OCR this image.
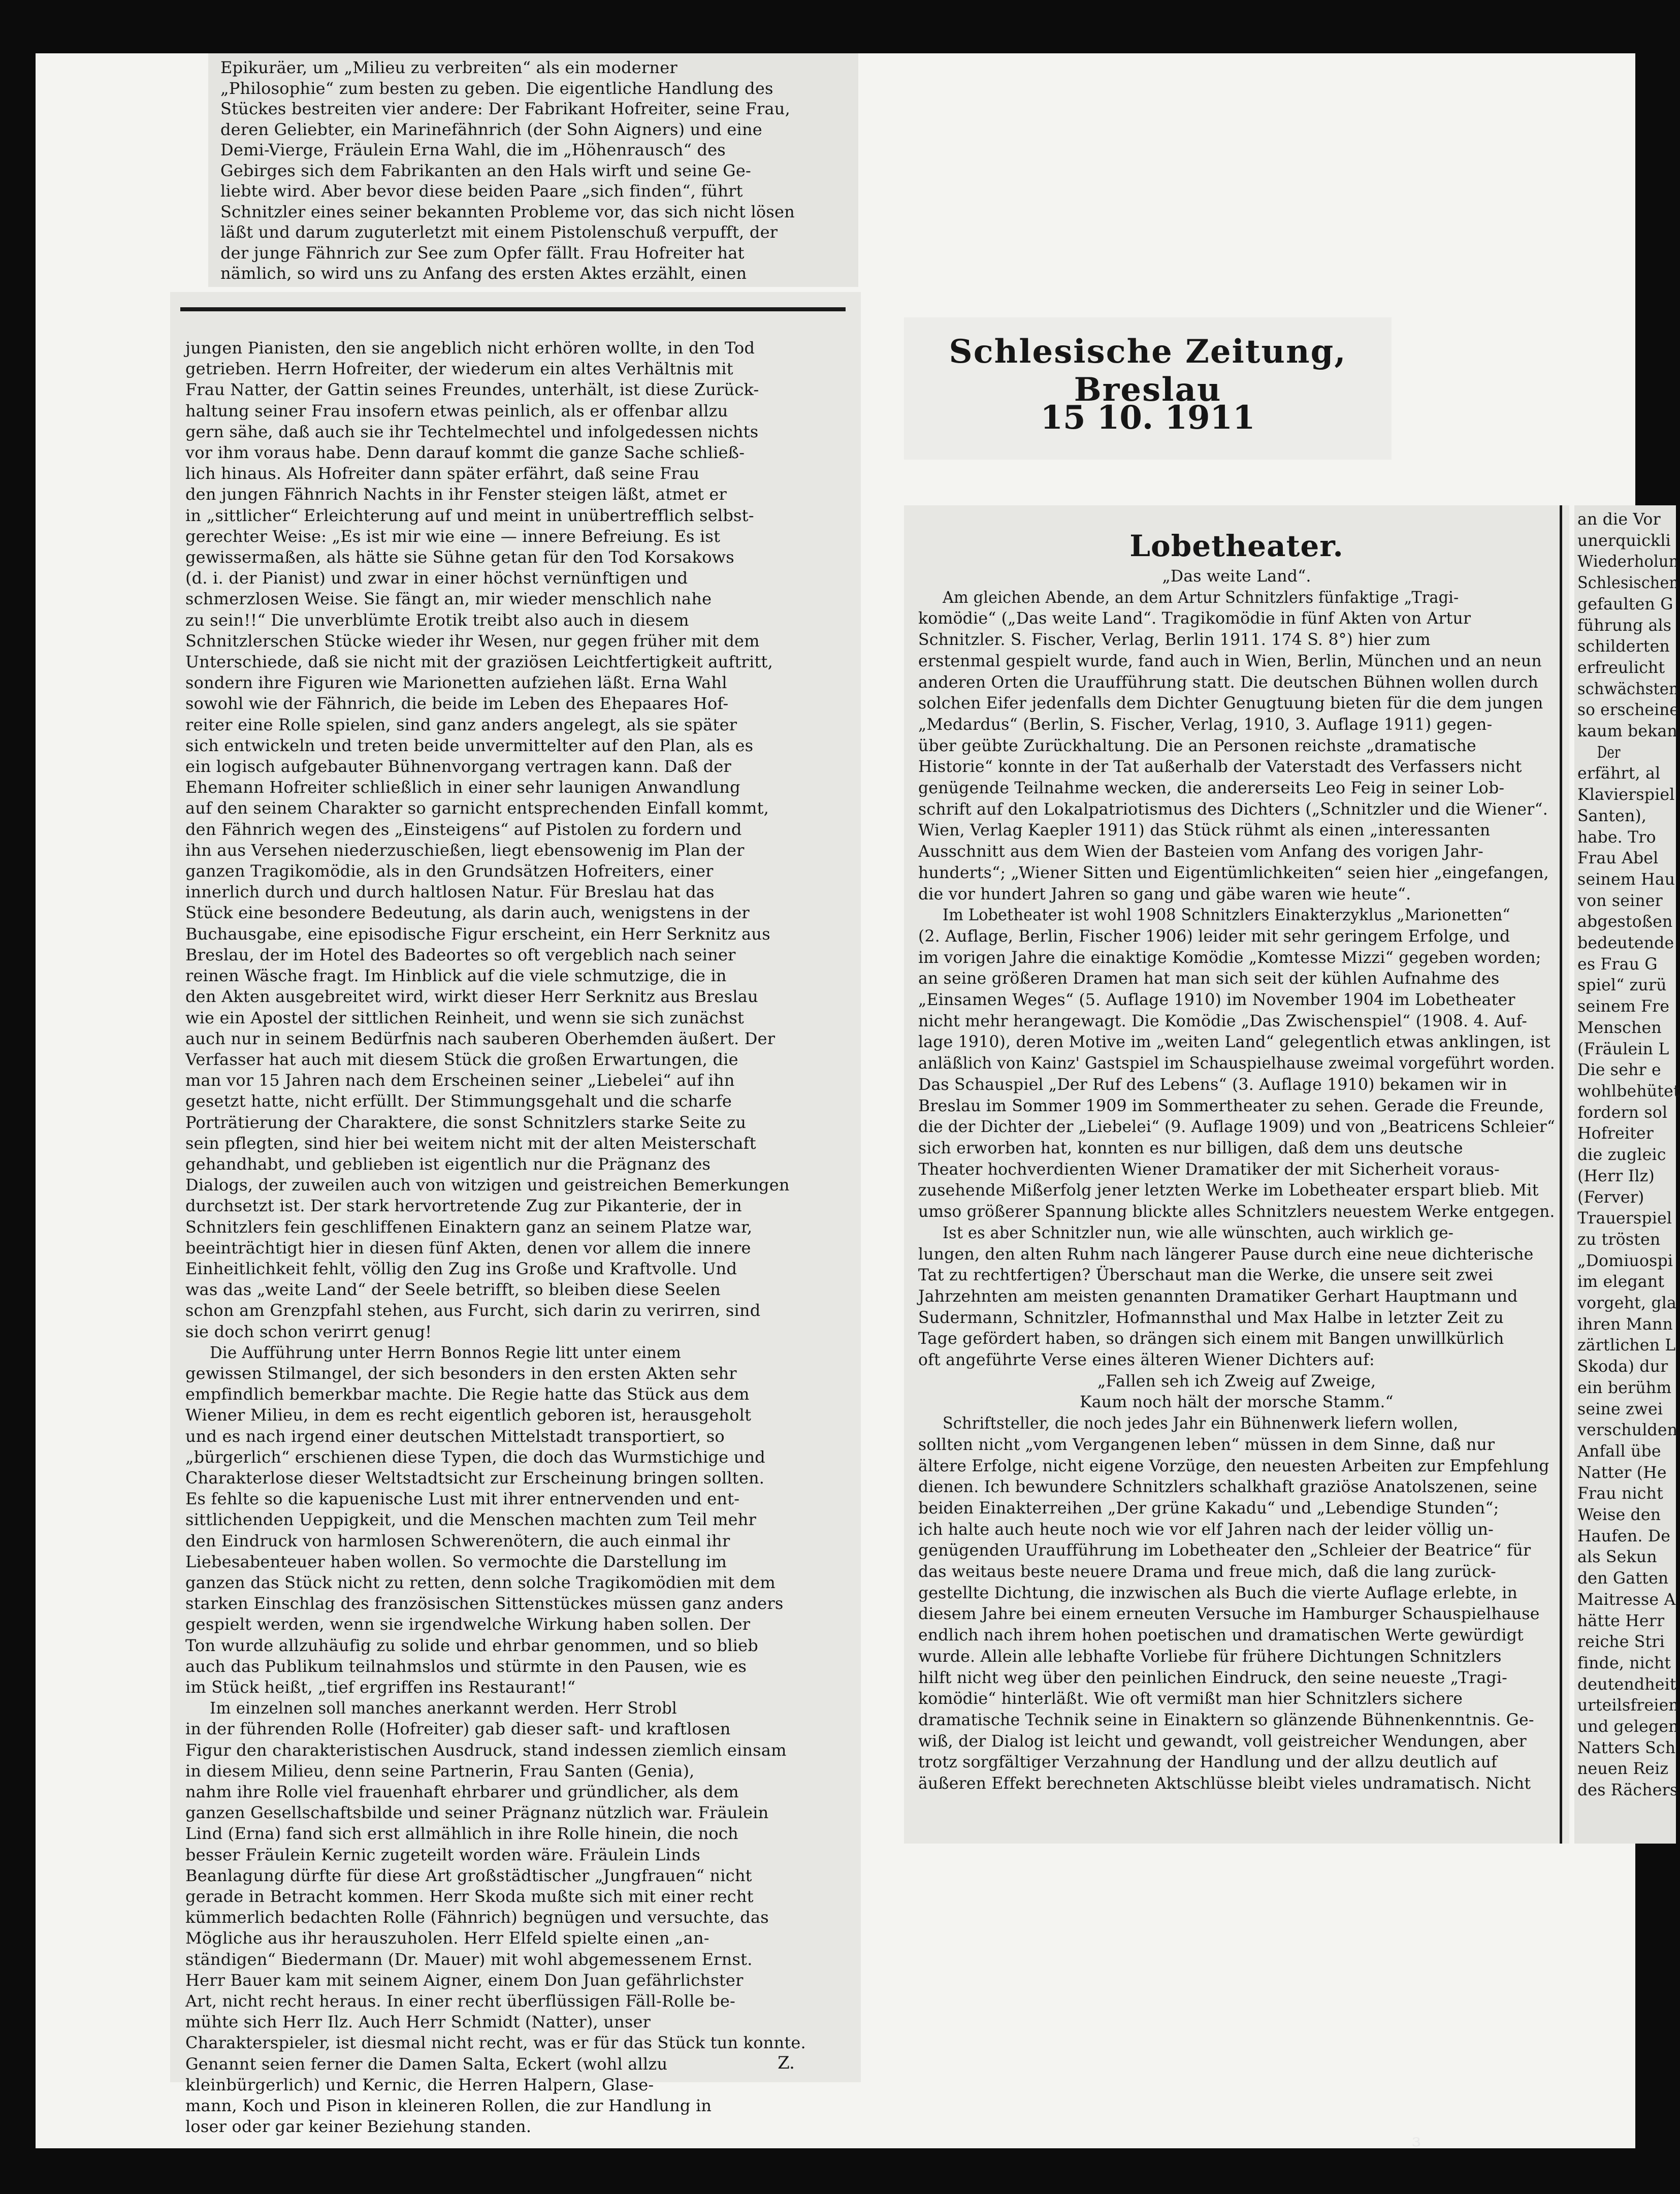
Epikuräer, um „Milieu zu verbreiten“ als ein moderner

„Philosophie“ zum besten zu geben. Die eigentliche Handlung des

Stückes bestreiten vier andere: Der Fabrikant Hofreiter, seine Frau,

deren Geliebter, ein Marinefähnrich (der Sohn Aigners) und eine

Demi-Vierge, Fräulein Erna Wahl, die im „Höhenrausch“ des

Gebirges sich dem Fabrikanten an den Hals wirft und seine Ge-

liebte wird. Aber bevor diese beiden Paare „sich finden“, führt

Schnitzler eines seiner bekannten Probleme vor, das sich nicht lösen

läßt und darum zuguterletzt mit einem Pistolenschuß verpufft, der

der junge Fähnrich zur See zum Opfer fällt. Frau Hofreiter hat

nämlich, so wird uns zu Anfang des ersten Aktes erzählt, einen

jungen Pianisten, den sie angeblich nicht erhören wollte, in den Tod

getrieben. Herrn Hofreiter, der wiederum ein altes Verhältnis mit

Frau Natter, der Gattin seines Freundes, unterhält, ist diese Zurück-

haltung seiner Frau insofern etwas peinlich, als er offenbar allzu

gern sähe, daß auch sie ihr Techtelmechtel und infolgedessen nichts

vor ihm voraus habe. Denn darauf kommt die ganze Sache schließ-

lich hinaus. Als Hofreiter dann später erfährt, daß seine Frau

den jungen Fähnrich Nachts in ihr Fenster steigen läßt, atmet er

in „sittlicher“ Erleichterung auf und meint in unübertrefflich selbst-

gerechter Weise: „Es ist mir wie eine — innere Befreiung. Es ist

gewissermaßen, als hätte sie Sühne getan für den Tod Korsakows

(d. i. der Pianist) und zwar in einer höchst vernünftigen und

schmerzlosen Weise. Sie fängt an, mir wieder menschlich nahe

zu sein!!“ Die unverblümte Erotik treibt also auch in diesem

Schnitzlerschen Stücke wieder ihr Wesen, nur gegen früher mit dem

Unterschiede, daß sie nicht mit der graziösen Leichtfertigkeit auftritt,

sondern ihre Figuren wie Marionetten aufziehen läßt. Erna Wahl

sowohl wie der Fähnrich, die beide im Leben des Ehepaares Hof-

reiter eine Rolle spielen, sind ganz anders angelegt, als sie später

sich entwickeln und treten beide unvermittelter auf den Plan, als es

ein logisch aufgebauter Bühnenvorgang vertragen kann. Daß der

Ehemann Hofreiter schließlich in einer sehr launigen Anwandlung

auf den seinem Charakter so garnicht entsprechenden Einfall kommt,

den Fähnrich wegen des „Einsteigens“ auf Pistolen zu fordern und

ihn aus Versehen niederzuschießen, liegt ebensowenig im Plan der

ganzen Tragikomödie, als in den Grundsätzen Hofreiters, einer

innerlich durch und durch haltlosen Natur. Für Breslau hat das

Stück eine besondere Bedeutung, als darin auch, wenigstens in der

Buchausgabe, eine episodische Figur erscheint, ein Herr Serknitz aus

Breslau, der im Hotel des Badeortes so oft vergeblich nach seiner

reinen Wäsche fragt. Im Hinblick auf die viele schmutzige, die in

den Akten ausgebreitet wird, wirkt dieser Herr Serknitz aus Breslau

wie ein Apostel der sittlichen Reinheit, und wenn sie sich zunächst

auch nur in seinem Bedürfnis nach sauberen Oberhemden äußert. Der

Verfasser hat auch mit diesem Stück die großen Erwartungen, die

man vor 15 Jahren nach dem Erscheinen seiner „Liebelei“ auf ihn

gesetzt hatte, nicht erfüllt. Der Stimmungsgehalt und die scharfe

Porträtierung der Charaktere, die sonst Schnitzlers starke Seite zu

sein pflegten, sind hier bei weitem nicht mit der alten Meisterschaft

gehandhabt, und geblieben ist eigentlich nur die Prägnanz des

Dialogs, der zuweilen auch von witzigen und geistreichen Bemerkungen

durchsetzt ist. Der stark hervortretende Zug zur Pikanterie, der in

Schnitzlers fein geschliffenen Einaktern ganz an seinem Platze war,

beeinträchtigt hier in diesen fünf Akten, denen vor allem die innere

Einheitlichkeit fehlt, völlig den Zug ins Große und Kraftvolle. Und

was das „weite Land“ der Seele betrifft, so bleiben diese Seelen

schon am Grenzpfahl stehen, aus Furcht, sich darin zu verirren, sind

sie doch schon verirrt genug!

Die Aufführung unter Herrn Bonnos Regie litt unter einem

gewissen Stilmangel, der sich besonders in den ersten Akten sehr

empfindlich bemerkbar machte. Die Regie hatte das Stück aus dem

Wiener Milieu, in dem es recht eigentlich geboren ist, herausgeholt

und es nach irgend einer deutschen Mittelstadt transportiert, so

„bürgerlich“ erschienen diese Typen, die doch das Wurmstichige und

Charakterlose dieser Weltstadtsicht zur Erscheinung bringen sollten.

Es fehlte so die kapuenische Lust mit ihrer entnervenden und ent-

sittlichenden Ueppigkeit, und die Menschen machten zum Teil mehr

den Eindruck von harmlosen Schwerenötern, die auch einmal ihr

Liebesabenteuer haben wollen. So vermochte die Darstellung im

ganzen das Stück nicht zu retten, denn solche Tragikomödien mit dem

starken Einschlag des französischen Sittenstückes müssen ganz anders

gespielt werden, wenn sie irgendwelche Wirkung haben sollen. Der

Ton wurde allzuhäufig zu solide und ehrbar genommen, und so blieb

auch das Publikum teilnahmslos und stürmte in den Pausen, wie es

im Stück heißt, „tief ergriffen ins Restaurant!“

Im einzelnen soll manches anerkannt werden. Herr Strobl

in der führenden Rolle (Hofreiter) gab dieser saft- und kraftlosen

Figur den charakteristischen Ausdruck, stand indessen ziemlich einsam

in diesem Milieu, denn seine Partnerin, Frau Santen (Genia),

nahm ihre Rolle viel frauenhaft ehrbarer und gründlicher, als dem

ganzen Gesellschaftsbilde und seiner Prägnanz nützlich war. Fräulein

Lind (Erna) fand sich erst allmählich in ihre Rolle hinein, die noch

besser Fräulein Kernic zugeteilt worden wäre. Fräulein Linds

Beanlagung dürfte für diese Art großstädtischer „Jungfrauen“ nicht

gerade in Betracht kommen. Herr Skoda mußte sich mit einer recht

kümmerlich bedachten Rolle (Fähnrich) begnügen und versuchte, das

Mögliche aus ihr herauszuholen. Herr Elfeld spielte einen „an-

ständigen“ Biedermann (Dr. Mauer) mit wohl abgemessenem Ernst.

Herr Bauer kam mit seinem Aigner, einem Don Juan gefährlichster

Art, nicht recht heraus. In einer recht überflüssigen Fäll-Rolle be-

mühte sich Herr Ilz. Auch Herr Schmidt (Natter), unser

Charakterspieler, ist diesmal nicht recht, was er für das Stück tun konnte.

Genannt seien ferner die Damen Salta, Eckert (wohl allzu

kleinbürgerlich) und Kernic, die Herren Halpern, Glase-

mann, Koch und Pison in kleineren Rollen, die zur Handlung in

loser oder gar keiner Beziehung standen.

Z.
Schlesische Zeitung, Breslau
15 10. 1911
Lobetheater.

„Das weite Land“.

Am gleichen Abende, an dem Artur Schnitzlers fünfaktige „Tragi-

komödie“ („Das weite Land“. Tragikomödie in fünf Akten von Artur

Schnitzler. S. Fischer, Verlag, Berlin 1911. 174 S. 8°) hier zum

erstenmal gespielt wurde, fand auch in Wien, Berlin, München und an neun

anderen Orten die Uraufführung statt. Die deutschen Bühnen wollen durch

solchen Eifer jedenfalls dem Dichter Genugtuung bieten für die dem jungen

„Medardus“ (Berlin, S. Fischer, Verlag, 1910, 3. Auflage 1911) gegen-

über geübte Zurückhaltung. Die an Personen reichste „dramatische

Historie“ konnte in der Tat außerhalb der Vaterstadt des Verfassers nicht

genügende Teilnahme wecken, die andererseits Leo Feig in seiner Lob-

schrift auf den Lokalpatriotismus des Dichters („Schnitzler und die Wiener“.

Wien, Verlag Kaepler 1911) das Stück rühmt als einen „interessanten

Ausschnitt aus dem Wien der Basteien vom Anfang des vorigen Jahr-

hunderts“; „Wiener Sitten und Eigentümlichkeiten“ seien hier „eingefangen,

die vor hundert Jahren so gang und gäbe waren wie heute“.

Im Lobetheater ist wohl 1908 Schnitzlers Einakterzyklus „Marionetten“

(2. Auflage, Berlin, Fischer 1906) leider mit sehr geringem Erfolge, und

im vorigen Jahre die einaktige Komödie „Komtesse Mizzi“ gegeben worden;

an seine größeren Dramen hat man sich seit der kühlen Aufnahme des

„Einsamen Weges“ (5. Auflage 1910) im November 1904 im Lobetheater

nicht mehr herangewagt. Die Komödie „Das Zwischenspiel“ (1908. 4. Auf-

lage 1910), deren Motive im „weiten Land“ gelegentlich etwas anklingen, ist

anläßlich von Kainz' Gastspiel im Schauspielhause zweimal vorgeführt worden.

Das Schauspiel „Der Ruf des Lebens“ (3. Auflage 1910) bekamen wir in

Breslau im Sommer 1909 im Sommertheater zu sehen. Gerade die Freunde,

die der Dichter der „Liebelei“ (9. Auflage 1909) und von „Beatricens Schleier“

sich erworben hat, konnten es nur billigen, daß dem uns deutsche

Theater hochverdienten Wiener Dramatiker der mit Sicherheit voraus-

zusehende Mißerfolg jener letzten Werke im Lobetheater erspart blieb. Mit

umso größerer Spannung blickte alles Schnitzlers neuestem Werke entgegen.

Ist es aber Schnitzler nun, wie alle wünschten, auch wirklich ge-

lungen, den alten Ruhm nach längerer Pause durch eine neue dichterische

Tat zu rechtfertigen? Überschaut man die Werke, die unsere seit zwei

Jahrzehnten am meisten genannten Dramatiker Gerhart Hauptmann und

Sudermann, Schnitzler, Hofmannsthal und Max Halbe in letzter Zeit zu

Tage gefördert haben, so drängen sich einem mit Bangen unwillkürlich

oft angeführte Verse eines älteren Wiener Dichters auf:

„Fallen seh ich Zweig auf Zweige,

Kaum noch hält der morsche Stamm.“

Schriftsteller, die noch jedes Jahr ein Bühnenwerk liefern wollen,

sollten nicht „vom Vergangenen leben“ müssen in dem Sinne, daß nur

ältere Erfolge, nicht eigene Vorzüge, den neuesten Arbeiten zur Empfehlung

dienen. Ich bewundere Schnitzlers schalkhaft graziöse Anatolszenen, seine

beiden Einakterreihen „Der grüne Kakadu“ und „Lebendige Stunden“;

ich halte auch heute noch wie vor elf Jahren nach der leider völlig un-

genügenden Uraufführung im Lobetheater den „Schleier der Beatrice“ für

das weitaus beste neuere Drama und freue mich, daß die lang zurück-

gestellte Dichtung, die inzwischen als Buch die vierte Auflage erlebte, in

diesem Jahre bei einem erneuten Versuche im Hamburger Schauspielhause

endlich nach ihrem hohen poetischen und dramatischen Werte gewürdigt

wurde. Allein alle lebhafte Vorliebe für frühere Dichtungen Schnitzlers

hilft nicht weg über den peinlichen Eindruck, den seine neueste „Tragi-

komödie“ hinterläßt. Wie oft vermißt man hier Schnitzlers sichere

dramatische Technik seine in Einaktern so glänzende Bühnenkenntnis. Ge-

wiß, der Dialog ist leicht und gewandt, voll geistreicher Wendungen, aber

trotz sorgfältiger Verzahnung der Handlung und der allzu deutlich auf

äußeren Effekt berechneten Aktschlüsse bleibt vieles undramatisch. Nicht

an die Vor

unerquickli

Wiederholun

Schlesischen

gefaulten G

führung als

schilderten

erfreulicht

schwächsten

so erscheine

kaum bekan

Der

erfährt, al

Klavierspiel

Santen),

habe. Tro

Frau Abel

seinem Hau

von seiner

abgestoßen

bedeutende

es Frau G

spiel“ zurü

seinem Fre

Menschen

(Fräulein L

Die sehr e

wohlbehütet

fordern sol

Hofreiter

die zugleic

(Herr Ilz)

(Ferver)

Trauerspiel

zu trösten

„Domiuospi

im elegant

vorgeht, gla

ihren Mann

zärtlichen L

Skoda) dur

ein berühm

seine zwei

verschulden

Anfall übe

Natter (He

Frau nicht

Weise den

Haufen. De

als Sekun

den Gatten

Maitresse A

hätte Herr

reiche Stri

finde, nicht

deutendheit

urteilsfreien

und gelegen

Natters Sch

neuen Reiz

des Rächers

ɜ
